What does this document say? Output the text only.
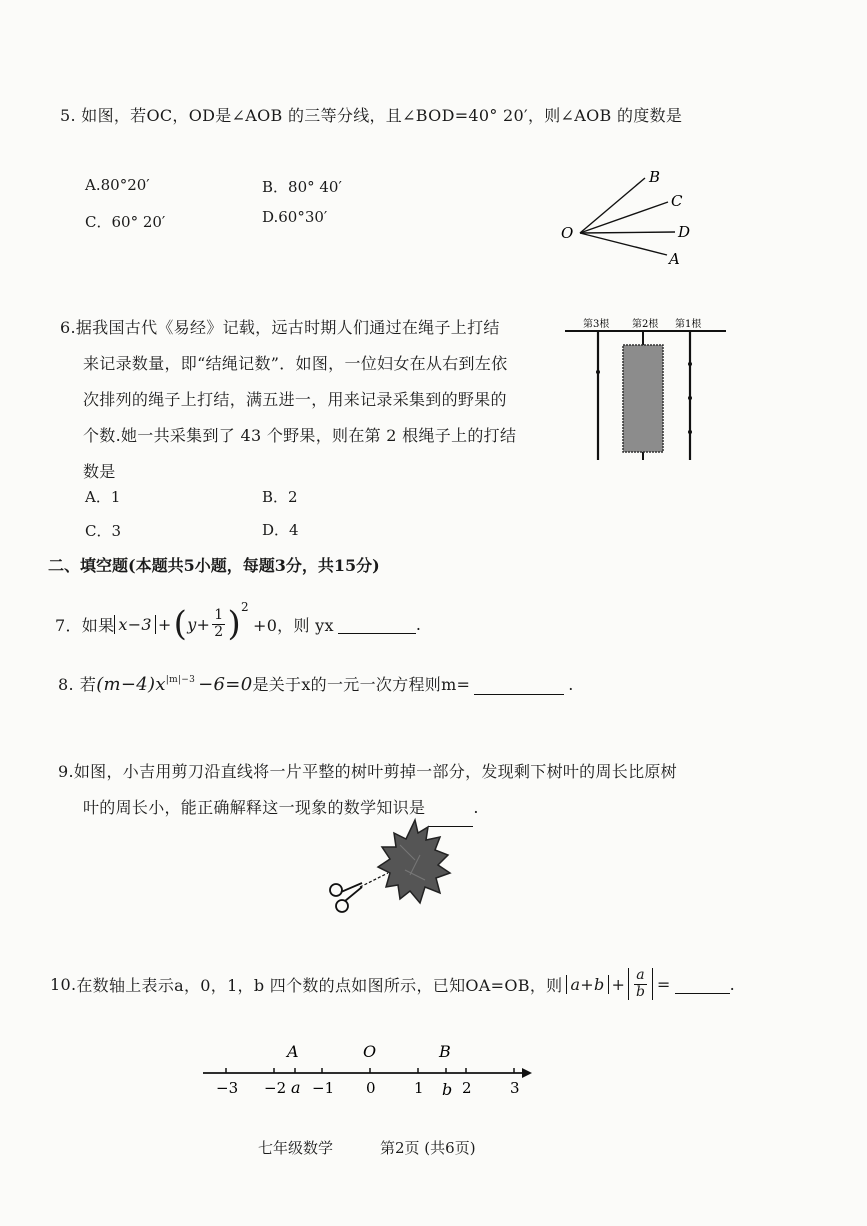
5. 如图，若OC，OD是∠AOB 的三等分线，且∠BOD=40° 20′，则∠AOB 的度数是
A.80°20′	B．80° 40′
C．60° 20′	D.60°30′
B
C
O	D
A
6.据我国古代《易经》记载，远古时期人们通过在绳子上打结
来记录数量，即“结绳记数”．如图，一位妇女在从右到左依
次排列的绳子上打结，满五进一，用来记录采集到的野果的
个数.她一共采集到了 43 个野果，则在第 2 根绳子上的打结
数是
A．1	B．2
C．3	D．4
第3根 第2根 第1根
二、填空题(本题共5小题，每题3分，共15分)
7．如果 x−3 + ( $y+ \frac{1}{2} )^2$
+0，则 yx	.
8. 若 $(m-4)x^{|m|-3} -6=0$ 是关于x的一元一次方程则m=
	.
9.如图，小吉用剪刀沿直线将一片平整的树叶剪掉一部分，发现剩下树叶的周长比原树
叶的周长小，能正确解释这一现象的数学知识是	.
10. 在数轴上表示a，0，1，b 四个数的点如图所示，已知OA=OB，则 $a+b + \frac{a}{b}$ =	.
−3 −2 −1 0	1	2	3
A	O	B
a	b
七年级数学	第2页 (共6页)
